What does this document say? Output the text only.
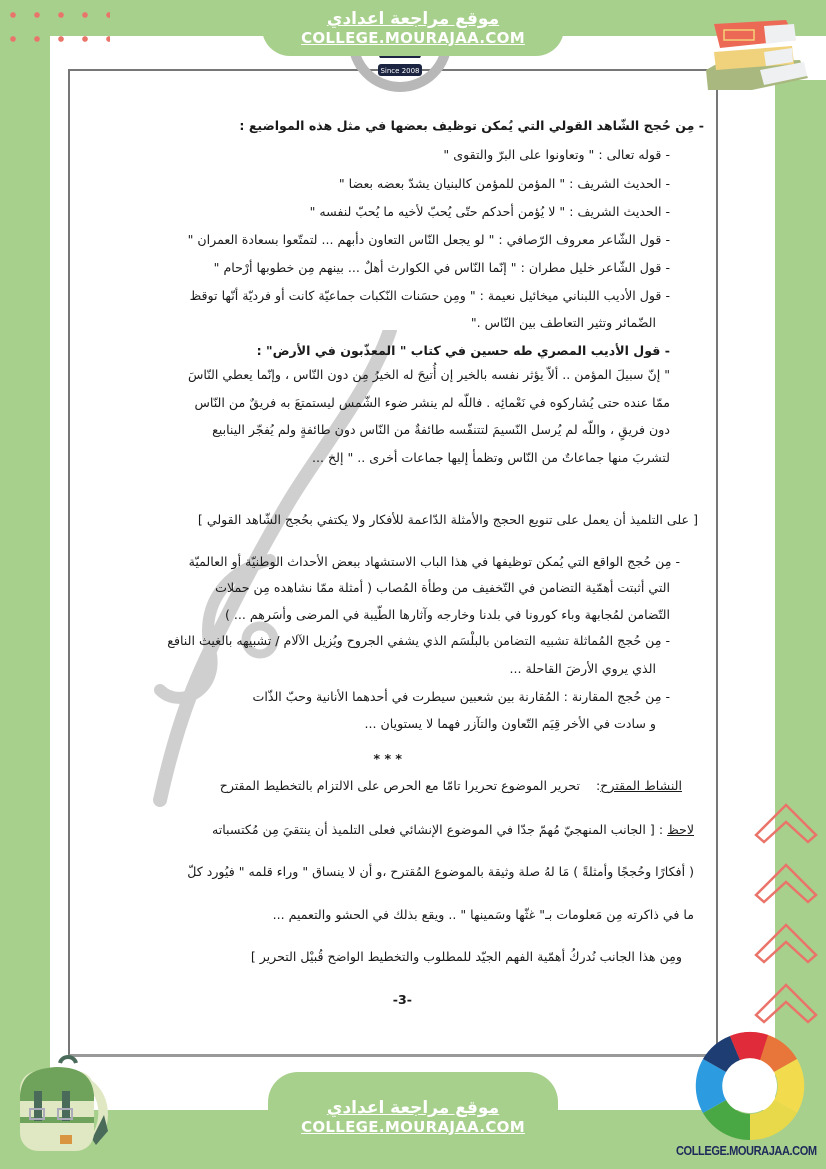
Since 2008
موقع مراجعة اعدادي
COLLEGE.MOURAJAA.COM
- مِن حُجج الشّاهد القولي التي يُمكن توظيف بعضها في مثل هذه المواضيع :
- قوله تعالى : " وتعاونوا على البرّ والتقوى "
- الحديث الشريف : " المؤمن للمؤمن كالبنيان يشدّ بعضه بعضا "
- الحديث الشريف : " لا يُؤمن أحدكم حتّى يُحبّ لأخيه ما يُحبّ لنفسه "
- قول الشّاعر معروف الرّصافي : " لو يجعل النّاس التعاون دأبهم ... لتمتّعوا بسعادة العمران "
- قول الشّاعر خليل مطران : " إنّما النّاس في الكوارث أهلٌ ... بينهم مِن خطوبها أرْحام "
- قول الأديب اللبناني ميخائيل نعيمة : " ومِن حسَنات النّكبات جماعيّة كانت أو فرديّة أنّها توقظ
الضّمائر وتثير التعاطف بين النّاس ."
- قول الأديب المصري طه حسين في كتاب " المعذّبون في الأرض" :
" إنّ سبيلَ المؤمن .. ألاّ يؤثر نفسه بالخير إن أُتيحَ له الخيرُ مِن دون النّاس ، وإنّما يعطي النّاسَ
ممّا عنده حتى يُشاركوه في نَعْمائِه . فاللّه لم ينشر ضوء الشّمس ليستمتعَ به فريقٌ من النّاس
دون فريقٍ ، واللّه لم يُرسل النّسيمَ لتتنفّسه طائفةٌ من النّاس دون طائفةٍ ولم يُفجّر الينابيع
لتشربَ منها جماعاتٌ من النّاس وتظمأ إليها جماعات أخرى .. " إلخ ...
[ على التلميذ أن يعمل على تنويع الحجج والأمثلة الدّاعمة للأفكار ولا يكتفي بحُجج الشّاهد القولي ]
- مِن حُجج الواقع التي يُمكن توظيفها في هذا الباب الاستشهاد ببعض الأحداث الوطنيّة أو العالميّة
التي أثبتت أهمّية التضامن في التّخفيف من وطأة المُصاب ( أمثلة ممّا نشاهده مِن حملات
التّضامن لمُجابهة وباء كورونا في بلدنا وخارجه وآثارها الطّيبة في المرضى وأسَرهم ... )
- مِن حُجج المُماثلة تشبيه التضامن بالبلْسَم الذي يشفي الجروح ويُزيل الآلام / تشبيهه بالغيث النافع
الذي يروي الأرضَ القاحلة ...
- مِن حُجج المقارنة : المُقارنة بين شعبين سيطرت في أحدهما الأنانية وحبّ الذّات
و سادت في الأخر قِيَم التّعاون والتآزر فهما لا يستويان ...
* * *
النشاط المقترح:    تحرير الموضوع تحريرا تامّا مع الحرص على الالتزام بالتخطيط المقترح
لاحظ : [ الجانب المنهجيّ مُهمّ جدّا في الموضوع الإنشائي فعلى التلميذ أن ينتقيَ مِن مُكتسباته
( أفكارًا وحُججًا وأمثلةً ) مَا لهُ صلة وثيقة بالموضوع المُقترح ،و أن لا ينساق " وراء قلمه " فيُورد كلّ
ما في ذاكرته مِن مَعلومات بـ" غثّها وسَمينها " .. ويقع بذلك في الحشو والتعميم ...
ومِن هذا الجانب نُدركُ أهمّية الفهم الجيّد للمطلوب والتخطيط الواضح قُبيْل التحرير ]
-3-
موقع مراجعة اعدادي
COLLEGE.MOURAJAA.COM
COLLEGE.MOURAJAA.COM
